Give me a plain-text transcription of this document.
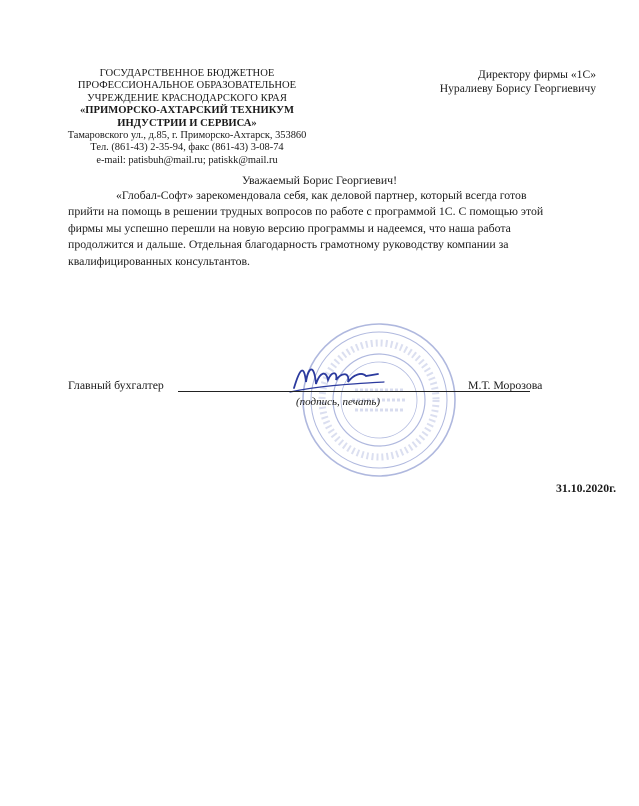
ГОСУДАРСТВЕННОЕ БЮДЖЕТНОЕ
ПРОФЕССИОНАЛЬНОЕ ОБРАЗОВАТЕЛЬНОЕ
УЧРЕЖДЕНИЕ КРАСНОДАРСКОГО КРАЯ
«ПРИМОРСКО-АХТАРСКИЙ ТЕХНИКУМ
ИНДУСТРИИ И СЕРВИСА»
Тамаровского ул., д.85, г. Приморско-Ахтарск, 353860
Тел. (861-43) 2-35-94, факс (861-43) 3-08-74
e-mail: patisbuh@mail.ru; patiskk@mail.ru
Директору фирмы «1С»
Нуралиеву Борису Георгиевичу
Уважаемый Борис Георгиевич!
«Глобал-Софт» зарекомендовала себя, как деловой партнер, который всегда готов
прийти на помощь в решении трудных вопросов по работе с программой 1С. С помощью этой
фирмы мы успешно перешли на новую версию программы и надеемся, что наша работа
продолжится и дальше. Отдельная благодарность грамотному руководству компании за
квалифицированных консультантов.
Главный бухгалтер	М.Т. Морозова
(подпись, печать)
31.10.2020г.
